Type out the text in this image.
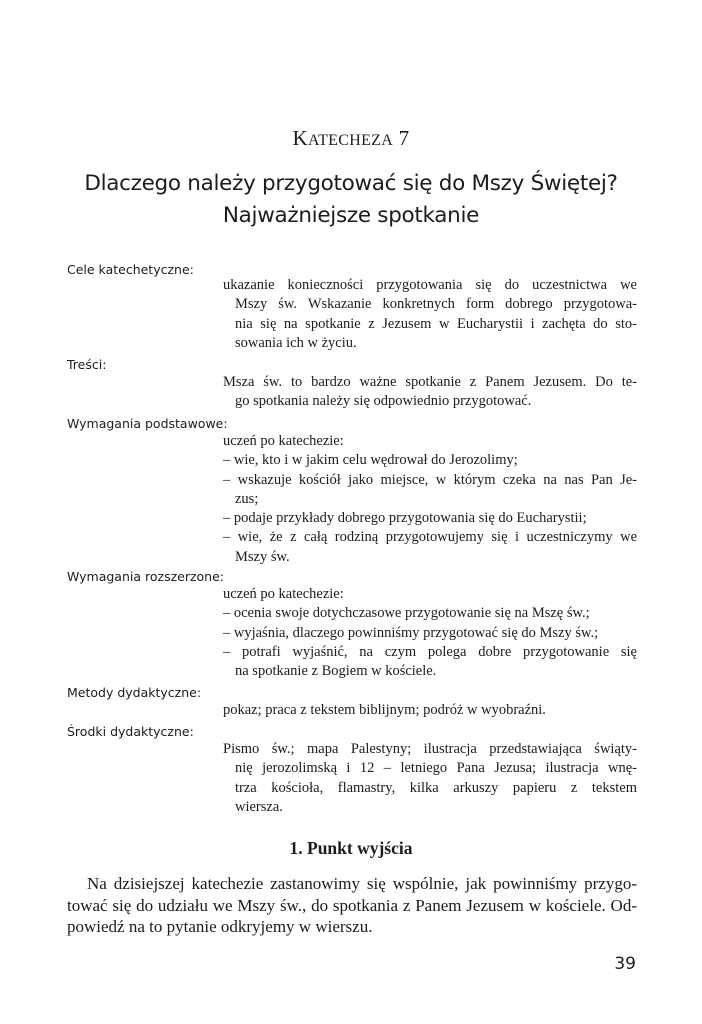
KATECHEZA 7
Dlaczego należy przygotować się do Mszy Świętej?
Najważniejsze spotkanie
Cele katechetyczne:
ukazanie konieczności przygotowania się do uczestnictwa we
Mszy św. Wskazanie konkretnych form dobrego przygotowa-
nia się na spotkanie z Jezusem w Eucharystii i zachęta do sto-
sowania ich w życiu.
Treści:
Msza św. to bardzo ważne spotkanie z Panem Jezusem. Do te-
go spotkania należy się odpowiednio przygotować.
Wymagania podstawowe:
uczeń po katechezie:
– wie, kto i w jakim celu wędrował do Jerozolimy;
– wskazuje kościół jako miejsce, w którym czeka na nas Pan Je-
zus;
– podaje przykłady dobrego przygotowania się do Eucharystii;
– wie, że z całą rodziną przygotowujemy się i uczestniczymy we
Mszy św.
Wymagania rozszerzone:
uczeń po katechezie:
– ocenia swoje dotychczasowe przygotowanie się na Mszę św.;
– wyjaśnia, dlaczego powinniśmy przygotować się do Mszy św.;
– potrafi wyjaśnić, na czym polega dobre przygotowanie się
na spotkanie z Bogiem w kościele.
Metody dydaktyczne:
pokaz; praca z tekstem biblijnym; podróż w wyobraźni.
Środki dydaktyczne:
Pismo św.; mapa Palestyny; ilustracja przedstawiająca świąty-
nię jerozolimską i 12 – letniego Pana Jezusa; ilustracja wnę-
trza kościoła, flamastry, kilka arkuszy papieru z tekstem
wiersza.
1. Punkt wyjścia
Na dzisiejszej katechezie zastanowimy się wspólnie, jak powinniśmy przygo-
tować się do udziału we Mszy św., do spotkania z Panem Jezusem w kościele. Od-
powiedź na to pytanie odkryjemy w wierszu.
39
